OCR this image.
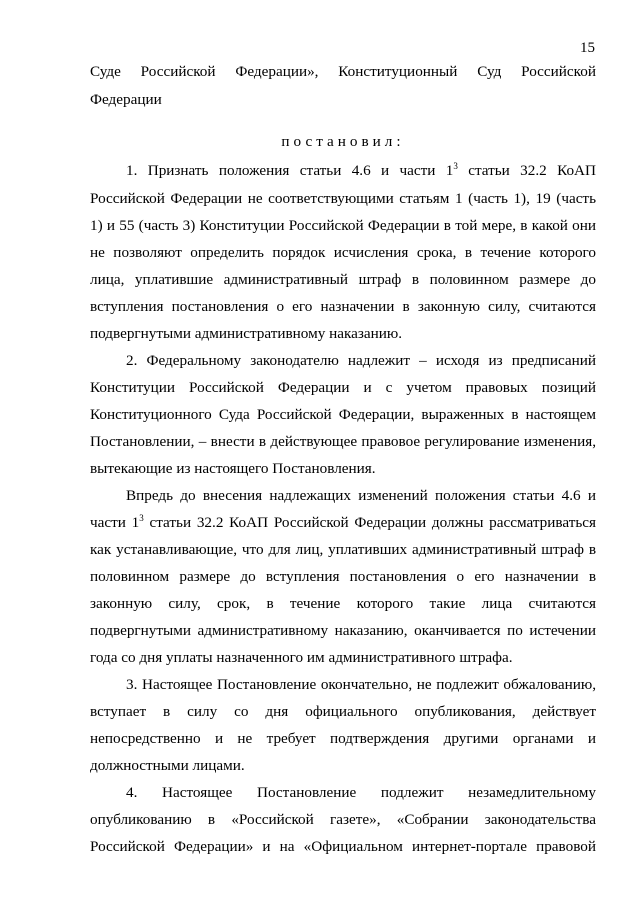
15
Суде Российской Федерации», Конституционный Суд Российской
Федерации
постановил:
1. Признать положения статьи 4.6 и части $1^3$ статьи 32.2 КоАП
Российской Федерации не соответствующими статьям 1 (часть 1), 19 (часть
1) и 55 (часть 3) Конституции Российской Федерации в той мере, в какой они
не позволяют определить порядок исчисления срока, в течение которого
лица, уплатившие административный штраф в половинном размере до
вступления постановления о его назначении в законную силу, считаются
подвергнутыми административному наказанию.
2. Федеральному законодателю надлежит – исходя из предписаний
Конституции Российской Федерации и с учетом правовых позиций
Конституционного Суда Российской Федерации, выраженных в настоящем
Постановлении, – внести в действующее правовое регулирование изменения,
вытекающие из настоящего Постановления.
Впредь до внесения надлежащих изменений положения статьи 4.6 и
части $1^3$ статьи 32.2 КоАП Российской Федерации должны рассматриваться
как устанавливающие, что для лиц, уплативших административный штраф в
половинном размере до вступления постановления о его назначении в
законную силу, срок, в течение которого такие лица считаются
подвергнутыми административному наказанию, оканчивается по истечении
года со дня уплаты назначенного им административного штрафа.
3. Настоящее Постановление окончательно, не подлежит обжалованию,
вступает в силу со дня официального опубликования, действует
непосредственно и не требует подтверждения другими органами и
должностными лицами.
4. Настоящее Постановление подлежит незамедлительному
опубликованию в «Российской газете», «Собрании законодательства
Российской Федерации» и на «Официальном интернет-портале правовой
